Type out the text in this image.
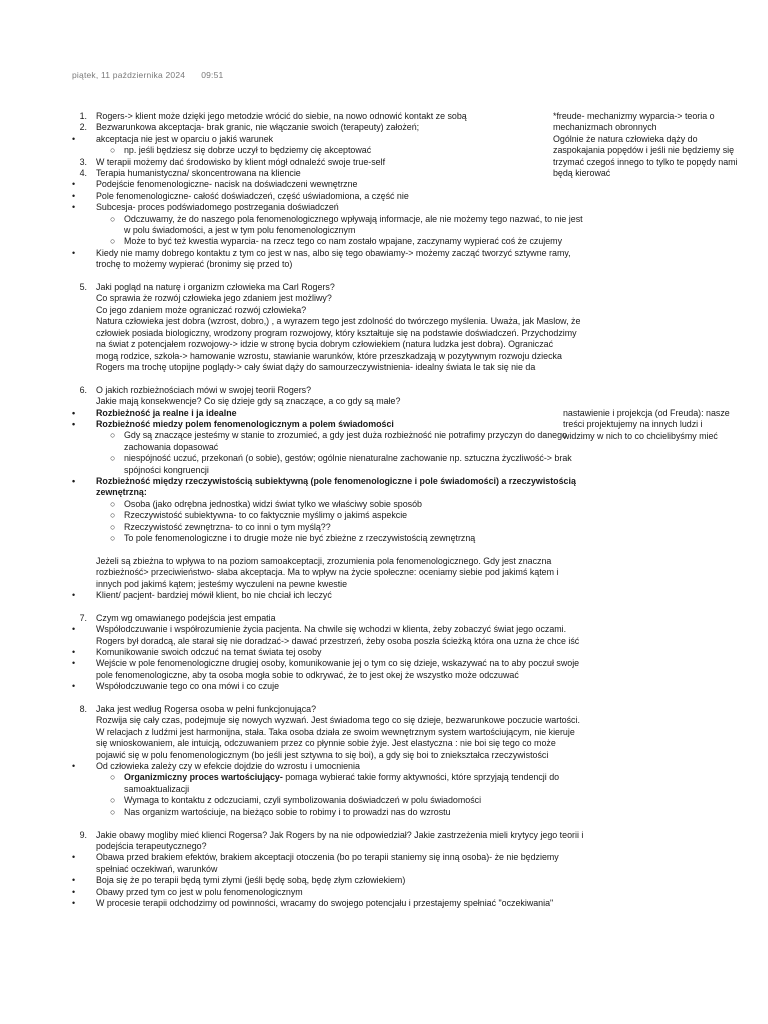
piątek, 11 października 2024 09:51
1.	Rogers-> klient może dzięki jego metodzie wrócić do siebie, na nowo odnowić kontakt ze sobą
2.	Bezwarunkowa akceptacja- brak granic, nie włączanie swoich (terapeuty) założeń;
•	akceptacja nie jest w oparciu o jakiś warunek
○ np. jeśli będziesz się dobrze uczył to będziemy cię akceptować
3.	W terapii możemy dać środowisko by klient mógł odnaleźć swoje true-self
4.	Terapia humanistyczna/ skoncentrowana na kliencie
•	Podejście fenomenologiczne- nacisk na doświadczeni wewnętrzne
•	Pole fenomenologiczne- całość doświadczeń, część uświadomiona, a część nie
•	Subcesja- proces podświadomego postrzegania doświadczeń
○ Odczuwamy, że do naszego pola fenomenologicznego wpływają informacje, ale nie możemy tego nazwać, to nie jest
w polu świadomości, a jest w tym polu fenomenologicznym
○ Może to być też kwestia wyparcia- na rzecz tego co nam zostało wpajane, zaczynamy wypierać coś że czujemy
•	Kiedy nie mamy dobrego kontaktu z tym co jest w nas, albo się tego obawiamy-> możemy zacząć tworzyć sztywne ramy,
trochę to możemy wypierać (bronimy się przed to)
5.	Jaki pogląd na naturę i organizm człowieka ma Carl Rogers?
Co sprawia że rozwój człowieka jego zdaniem jest możliwy?
Co jego zdaniem może ograniczać rozwój człowieka?
Natura człowieka jest dobra (wzrost, dobro,) , a wyrazem tego jest zdolność do twórczego myślenia. Uważa, jak Maslow, że
człowiek posiada biologiczny, wrodzony program rozwojowy, który kształtuje się na podstawie doświadczeń. Przychodzimy
na świat z potencjałem rozwojowy-> idzie w stronę bycia dobrym człowiekiem (natura ludzka jest dobra). Ograniczać
mogą rodzice, szkoła-> hamowanie wzrostu, stawianie warunków, które przeszkadzają w pozytywnym rozwoju dziecka
Rogers ma trochę utopijne poglądy-> cały świat dąży do samourzeczywistnienia- idealny świata le tak się nie da
6.	O jakich rozbieżnościach mówi w swojej teorii Rogers?
Jakie mają konsekwencje? Co się dzieje gdy są znaczące, a co gdy są małe?
•	Rozbieżność ja realne i ja idealne
•	Rozbieżność miedzy polem fenomenologicznym a polem świadomości
○ Gdy są znaczące jesteśmy w stanie to zrozumieć, a gdy jest duża rozbieżność nie potrafimy przyczyn do danego
zachowania dopasować
○ niespójność uczuć, przekonań (o sobie), gestów; ogólnie nienaturalne zachowanie np. sztuczna życzliwość-> brak
spójności kongruencji
•	Rozbieżność między rzeczywistością subiektywną (pole fenomenologiczne i pole świadomości) a rzeczywistością
zewnętrzną:
○ Osoba (jako odrębna jednostka) widzi świat tylko we właściwy sobie sposób
○ Rzeczywistość subiektywna- to co faktycznie myślimy o jakimś aspekcie
○ Rzeczywistość zewnętrzna- to co inni o tym myślą??
○ To pole fenomenologiczne i to drugie może nie być zbieżne z rzeczywistością zewnętrzną
Jeżeli są zbieżna to wpływa to na poziom samoakceptacji, zrozumienia pola fenomenologicznego. Gdy jest znaczna
rozbieżność> przeciwieństwo- słaba akceptacja. Ma to wpływ na życie społeczne: oceniamy siebie pod jakimś kątem i
innych pod jakimś kątem; jesteśmy wyczuleni na pewne kwestie
•	Klient/ pacjent- bardziej mówił klient, bo nie chciał ich leczyć
7.	Czym wg omawianego podejścia jest empatia
•	Współodczuwanie i współrozumienie życia pacjenta. Na chwile się wchodzi w klienta, żeby zobaczyć świat jego oczami.
Rogers był doradcą, ale starał się nie doradzać-> dawać przestrzeń, żeby osoba poszła ścieżką która ona uzna że chce iść
•	Komunikowanie swoich odczuć na temat świata tej osoby
•	Wejście w pole fenomenologiczne drugiej osoby, komunikowanie jej o tym co się dzieje, wskazywać na to aby poczuł swoje
pole fenomenologiczne, aby ta osoba mogła sobie to odkrywać, że to jest okej że wszystko może odczuwać
•	Współodczuwanie tego co ona mówi i co czuje
8.	Jaka jest według Rogersa osoba w pełni funkcjonująca?
Rozwija się cały czas, podejmuje się nowych wyzwań. Jest świadoma tego co się dzieje, bezwarunkowe poczucie wartości.
W relacjach z ludźmi jest harmonijna, stała. Taka osoba działa ze swoim wewnętrznym system wartościującym, nie kieruje
się wnioskowaniem, ale intuicją, odczuwaniem przez co płynnie sobie żyje. Jest elastyczna : nie boi się tego co może
pojawić się w polu fenomenologicznym (bo jeśli jest sztywna to się boi), a gdy się boi to zniekształca rzeczywistości
•	Od człowieka zależy czy w efekcie dojdzie do wzrostu i umocnienia
○ Organizmiczny proces wartościujący- pomaga wybierać takie formy aktywności, które sprzyjają tendencji do
samoaktualizacji
○ Wymaga to kontaktu z odczuciami, czyli symbolizowania doświadczeń w polu świadomości
○ Nas organizm wartościuje, na bieżąco sobie to robimy i to prowadzi nas do wzrostu
9.	Jakie obawy mogliby mieć klienci Rogersa? Jak Rogers by na nie odpowiedział? Jakie zastrzeżenia mieli krytycy jego teorii i
podejścia terapeutycznego?
•	Obawa przed brakiem efektów, brakiem akceptacji otoczenia (bo po terapii staniemy się inną osoba)- że nie będziemy
spełniać oczekiwań, warunków
•	Boja się że po terapii będą tymi złymi (jeśli będę sobą, będę złym człowiekiem)
•	Obawy przed tym co jest w polu fenomenologicznym
•	W procesie terapii odchodzimy od powinności, wracamy do swojego potencjału i przestajemy spełniać "oczekiwania"
*freude- mechanizmy wyparcia-> teoria o
mechanizmach obronnych
Ogólnie że natura człowieka dąży do
zaspokajania popędów i jeśli nie będziemy się
trzymać czegoś innego to tylko te popędy nami
będą kierować
nastawienie i projekcja (od Freuda): nasze
treści projektujemy na innych ludzi i
widzimy w nich to co chcielibyśmy mieć
